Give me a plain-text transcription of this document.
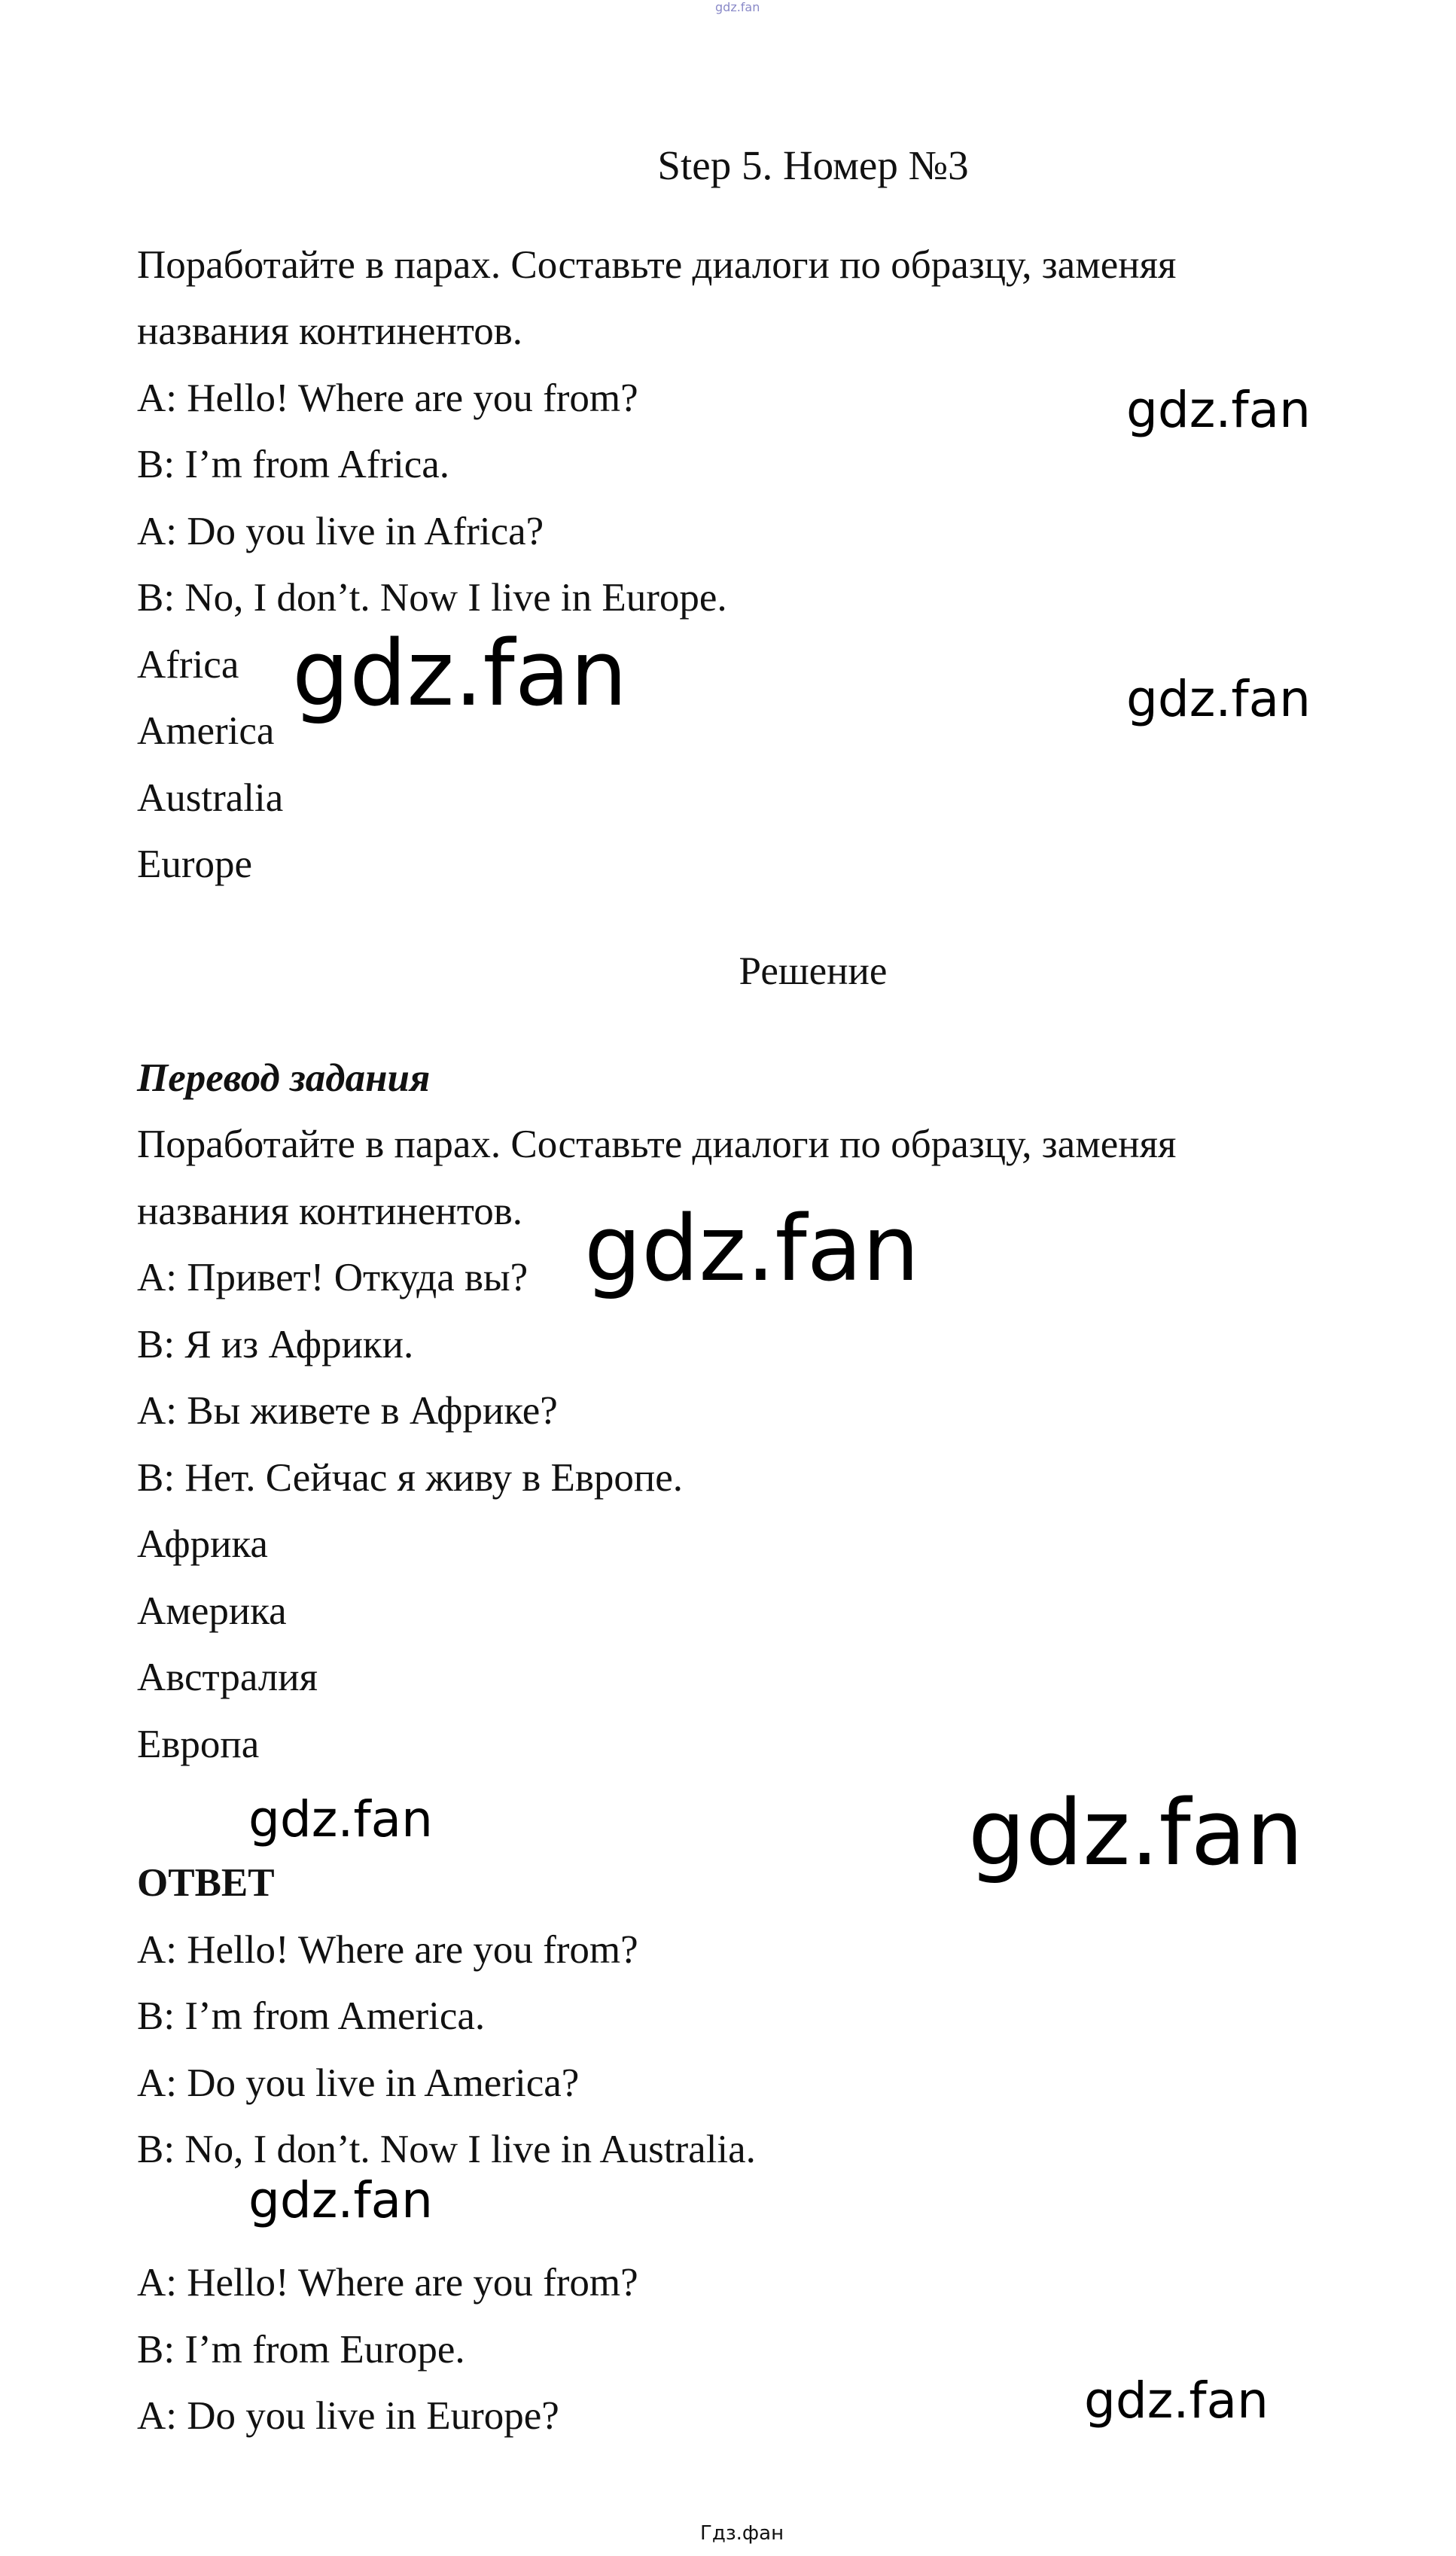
gdz.fan
Step 5. Номер №3
Поработайте в парах. Составьте диалоги по образцу, заменяя
названия континентов.
A: Hello! Where are you from?
B: I’m from Africa.
A: Do you live in Africa?
B: No, I don’t. Now I live in Europe.
Africa
America
Australia
Europe
Решение
Перевод задания
Поработайте в парах. Составьте диалоги по образцу, заменяя
названия континентов.
A: Привет! Откуда вы?
B: Я из Африки.
A: Вы живете в Африке?
B: Нет. Сейчас я живу в Европе.
Африка
Америка
Австралия
Европа
ОТВЕТ
A: Hello! Where are you from?
B: I’m from America.
A: Do you live in America?
B: No, I don’t. Now I live in Australia.
A: Hello! Where are you from?
B: I’m from Europe.
A: Do you live in Europe?
gdz.fan
gdz.fan	gdz.fan
gdz.fan
gdz.fan	gdz.fan
gdz.fan
gdz.fan
Гдз.фан
